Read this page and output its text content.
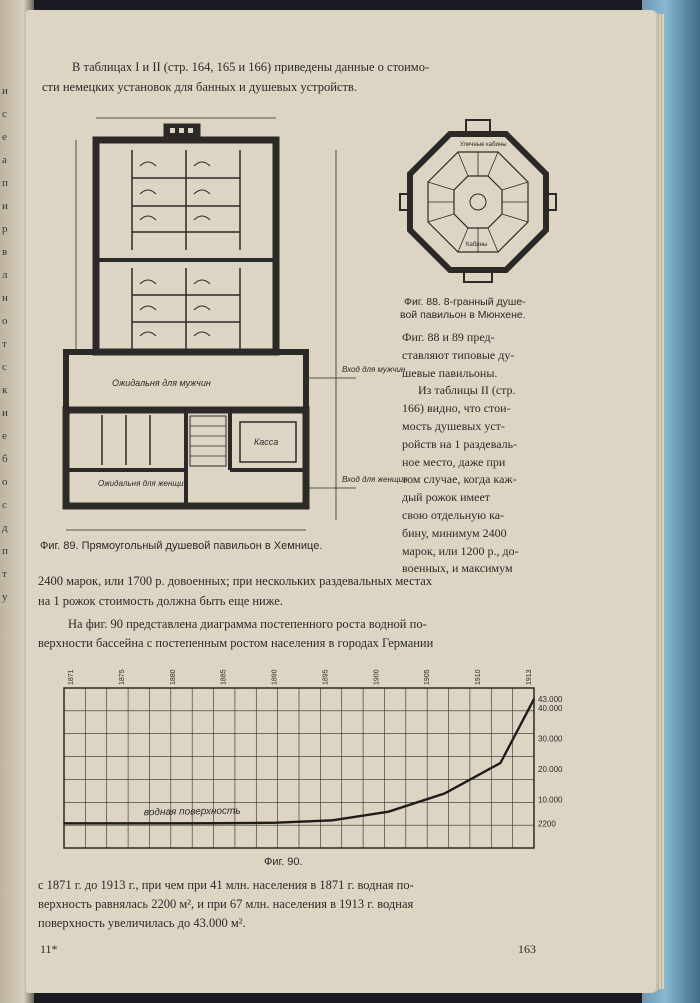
и
с
е
а
п
и
р
в
л
н
о
т
с
к
и
е
б
о
с
д
п
т
у
В таблицах I и II (стр. 164, 165 и 166) приведены данные о стоимо-
сти немецких установок для банных и душевых устройств.
Ожидальня для мужчин
Ожидальня для женщин
Касса
Вход для мужчин
Вход для женщин
Уличные кабины
Кабины
Фиг. 88. 8-гранный душе-
вой павильон в Мюнхене.
Фиг. 88 и 89 пред-
ставляют типовые ду-
шевые павильоны.
Из таблицы II (стр.
166) видно, что стои-
мость душевых уст-
ройств на 1 раздеваль-
ное место, даже при
том случае, когда каж-
дый рожок имеет
свою отдельную ка-
бину, минимум 2400
марок, или 1200 р., до-
военных, и максимум
Фиг. 89. Прямоугольный душевой павильон в Хемнице.
2400 марок, или 1700 р. довоенных; при нескольких раздевальных местах
на 1 рожок стоимость должна быть еще ниже.
На фиг. 90 представлена диаграмма постепенного роста водной по-
верхности бассейна с постепенным ростом населения в городах Германии
1871	1875	1880	1885	1890	1895	1900	1905	1910	1913
43.000
40.000
30.000
20.000
10.000
2200
водная поверхность
Фиг. 90.
с 1871 г. до 1913 г., при чем при 41 млн. населения в 1871 г. водная по-
верхность равнялась 2200 м², и при 67 млн. населения в 1913 г. водная
поверхность увеличилась до 43.000 м².
11*	163
